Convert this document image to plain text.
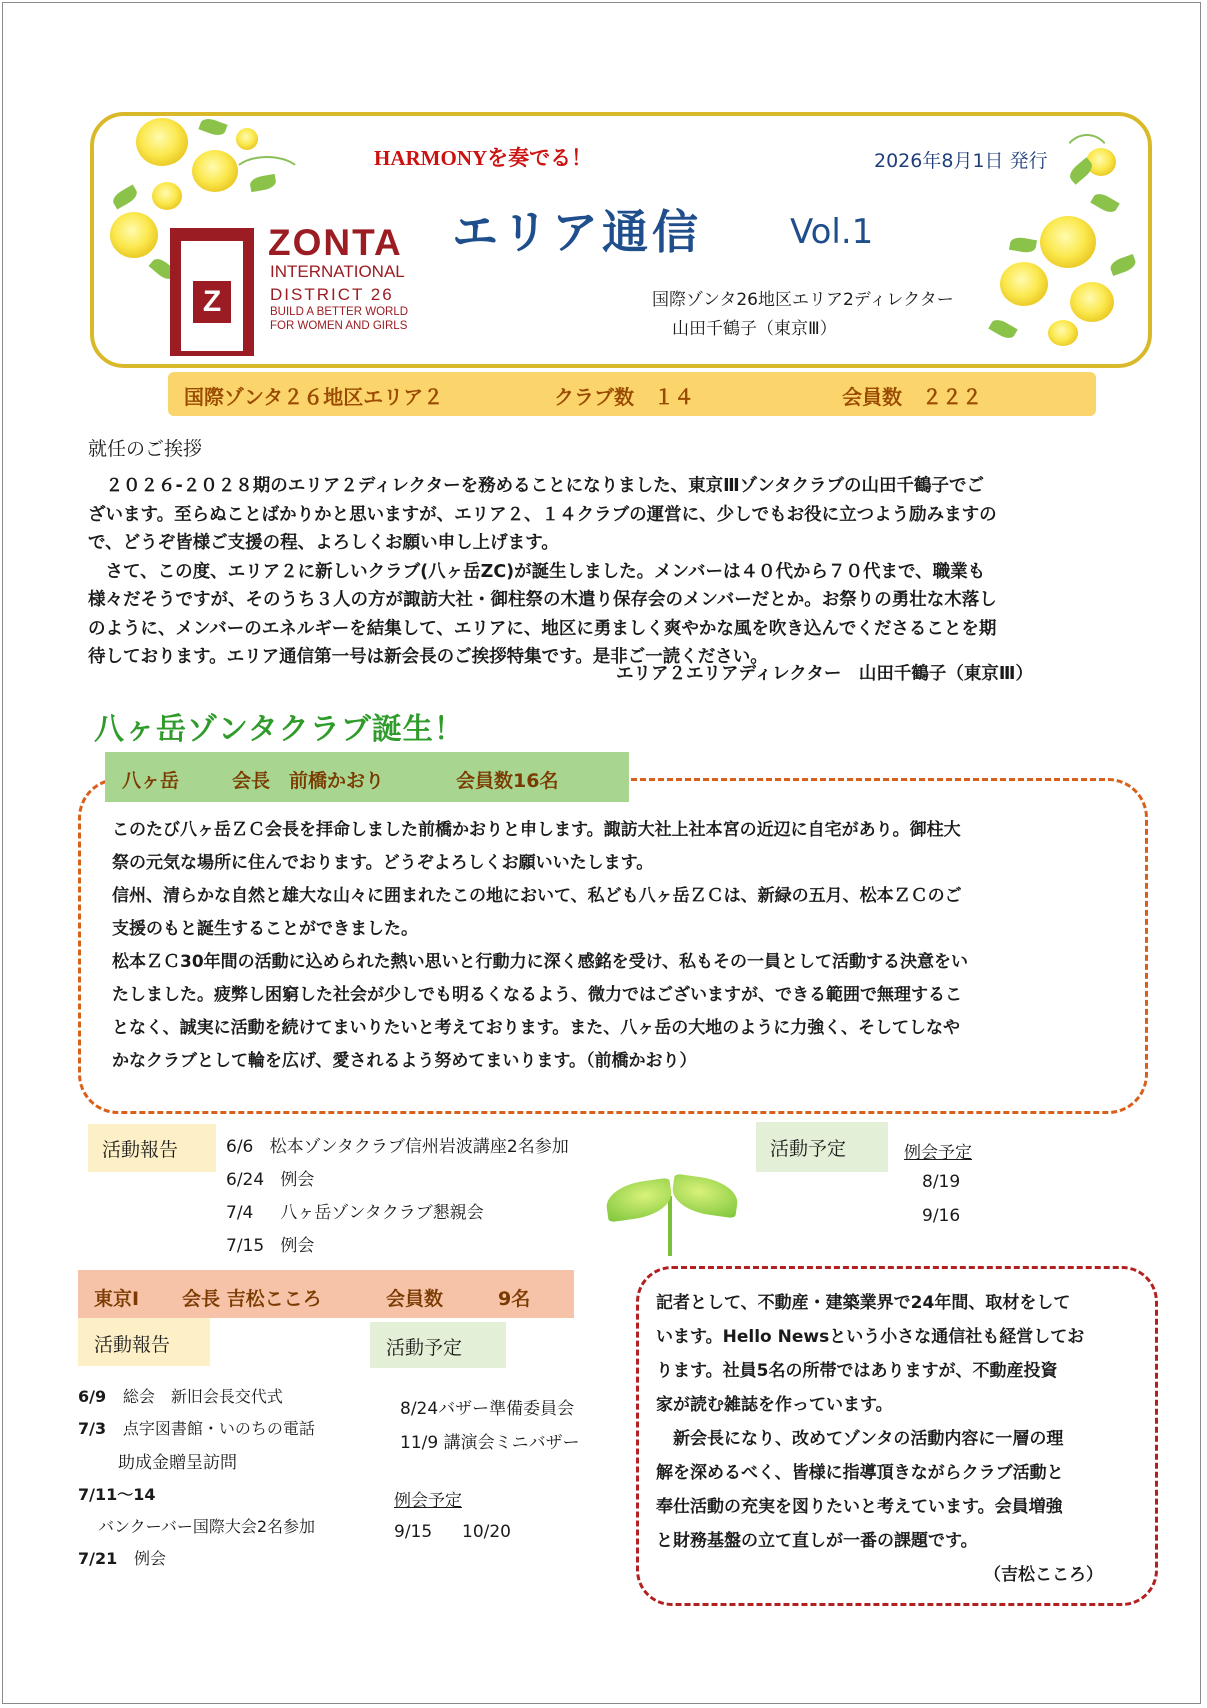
Z
ZONTA
INTERNATIONAL
DISTRICT 26
BUILD A BETTER WORLD
FOR WOMEN AND GIRLS
HARMONYを奏でる！	2026年8月1日 発行
エリア通信	Vol.1
国際ゾンタ26地区エリア2ディレクター
山田千鶴子（東京Ⅲ）
国際ゾンタ２６地区エリア２	クラブ数　１４	会員数　２２２
就任のご挨拶
　２０２６‐２０２８期のエリア２ディレクターを務めることになりました、東京Ⅲゾンタクラブの山田千鶴子でご
ざいます。至らぬことばかりかと思いますが、エリア２、１４クラブの運営に、少しでもお役に立つよう励みますの
で、どうぞ皆様ご支援の程、よろしくお願い申し上げます。
　さて、この度、エリア２に新しいクラブ(八ヶ岳ZC)が誕生しました。メンバーは４０代から７０代まで、職業も
様々だそうですが、そのうち３人の方が諏訪大社・御柱祭の木遣り保存会のメンバーだとか。お祭りの勇壮な木落し
のように、メンバーのエネルギーを結集して、エリアに、地区に勇ましく爽やかな風を吹き込んでくださることを期
待しております。エリア通信第一号は新会長のご挨拶特集です。是非ご一読ください。
エリア２エリアディレクター　山田千鶴子（東京Ⅲ）
八ヶ岳ゾンタクラブ誕生！
八ヶ岳	会長　前橋かおり	会員数16名
このたび八ヶ岳ＺＣ会長を拝命しました前橋かおりと申します。諏訪大社上社本宮の近辺に自宅があり。御柱大
祭の元気な場所に住んでおります。どうぞよろしくお願いいたします。
信州、清らかな自然と雄大な山々に囲まれたこの地において、私ども八ヶ岳ＺＣは、新緑の五月、松本ＺＣのご
支援のもと誕生することができました。
松本ＺＣ30年間の活動に込められた熱い思いと行動力に深く感銘を受け、私もその一員として活動する決意をい
たしました。疲弊し困窮した社会が少しでも明るくなるよう、微力ではございますが、できる範囲で無理するこ
となく、誠実に活動を続けてまいりたいと考えております。また、八ヶ岳の大地のように力強く、そしてしなや
かなクラブとして輪を広げ、愛されるよう努めてまいります。（前橋かおり）
活動報告	6/6 松本ゾンタクラブ信州岩波講座2名参加
6/24 例会
7/4 八ヶ岳ゾンタクラブ懇親会
7/15 例会
活動予定	例会予定
8/19
9/16
東京Ⅰ 会長 吉松こころ	会員数	9名
活動報告
6/9 総会　新旧会長交代式
7/3 点字図書館・いのちの電話
助成金贈呈訪問
7/11～14
バンクーバー国際大会2名参加
7/21 例会
活動予定
8/24バザー準備委員会
11/9 講演会ミニバザー
例会予定
9/15 10/20
記者として、不動産・建築業界で24年間、取材をして
います。Hello Newsという小さな通信社も経営してお
ります。社員5名の所帯ではありますが、不動産投資
家が読む雑誌を作っています。
　新会長になり、改めてゾンタの活動内容に一層の理
解を深めるべく、皆様に指導頂きながらクラブ活動と
奉仕活動の充実を図りたいと考えています。会員増強
と財務基盤の立て直しが一番の課題です。
（吉松こころ）
